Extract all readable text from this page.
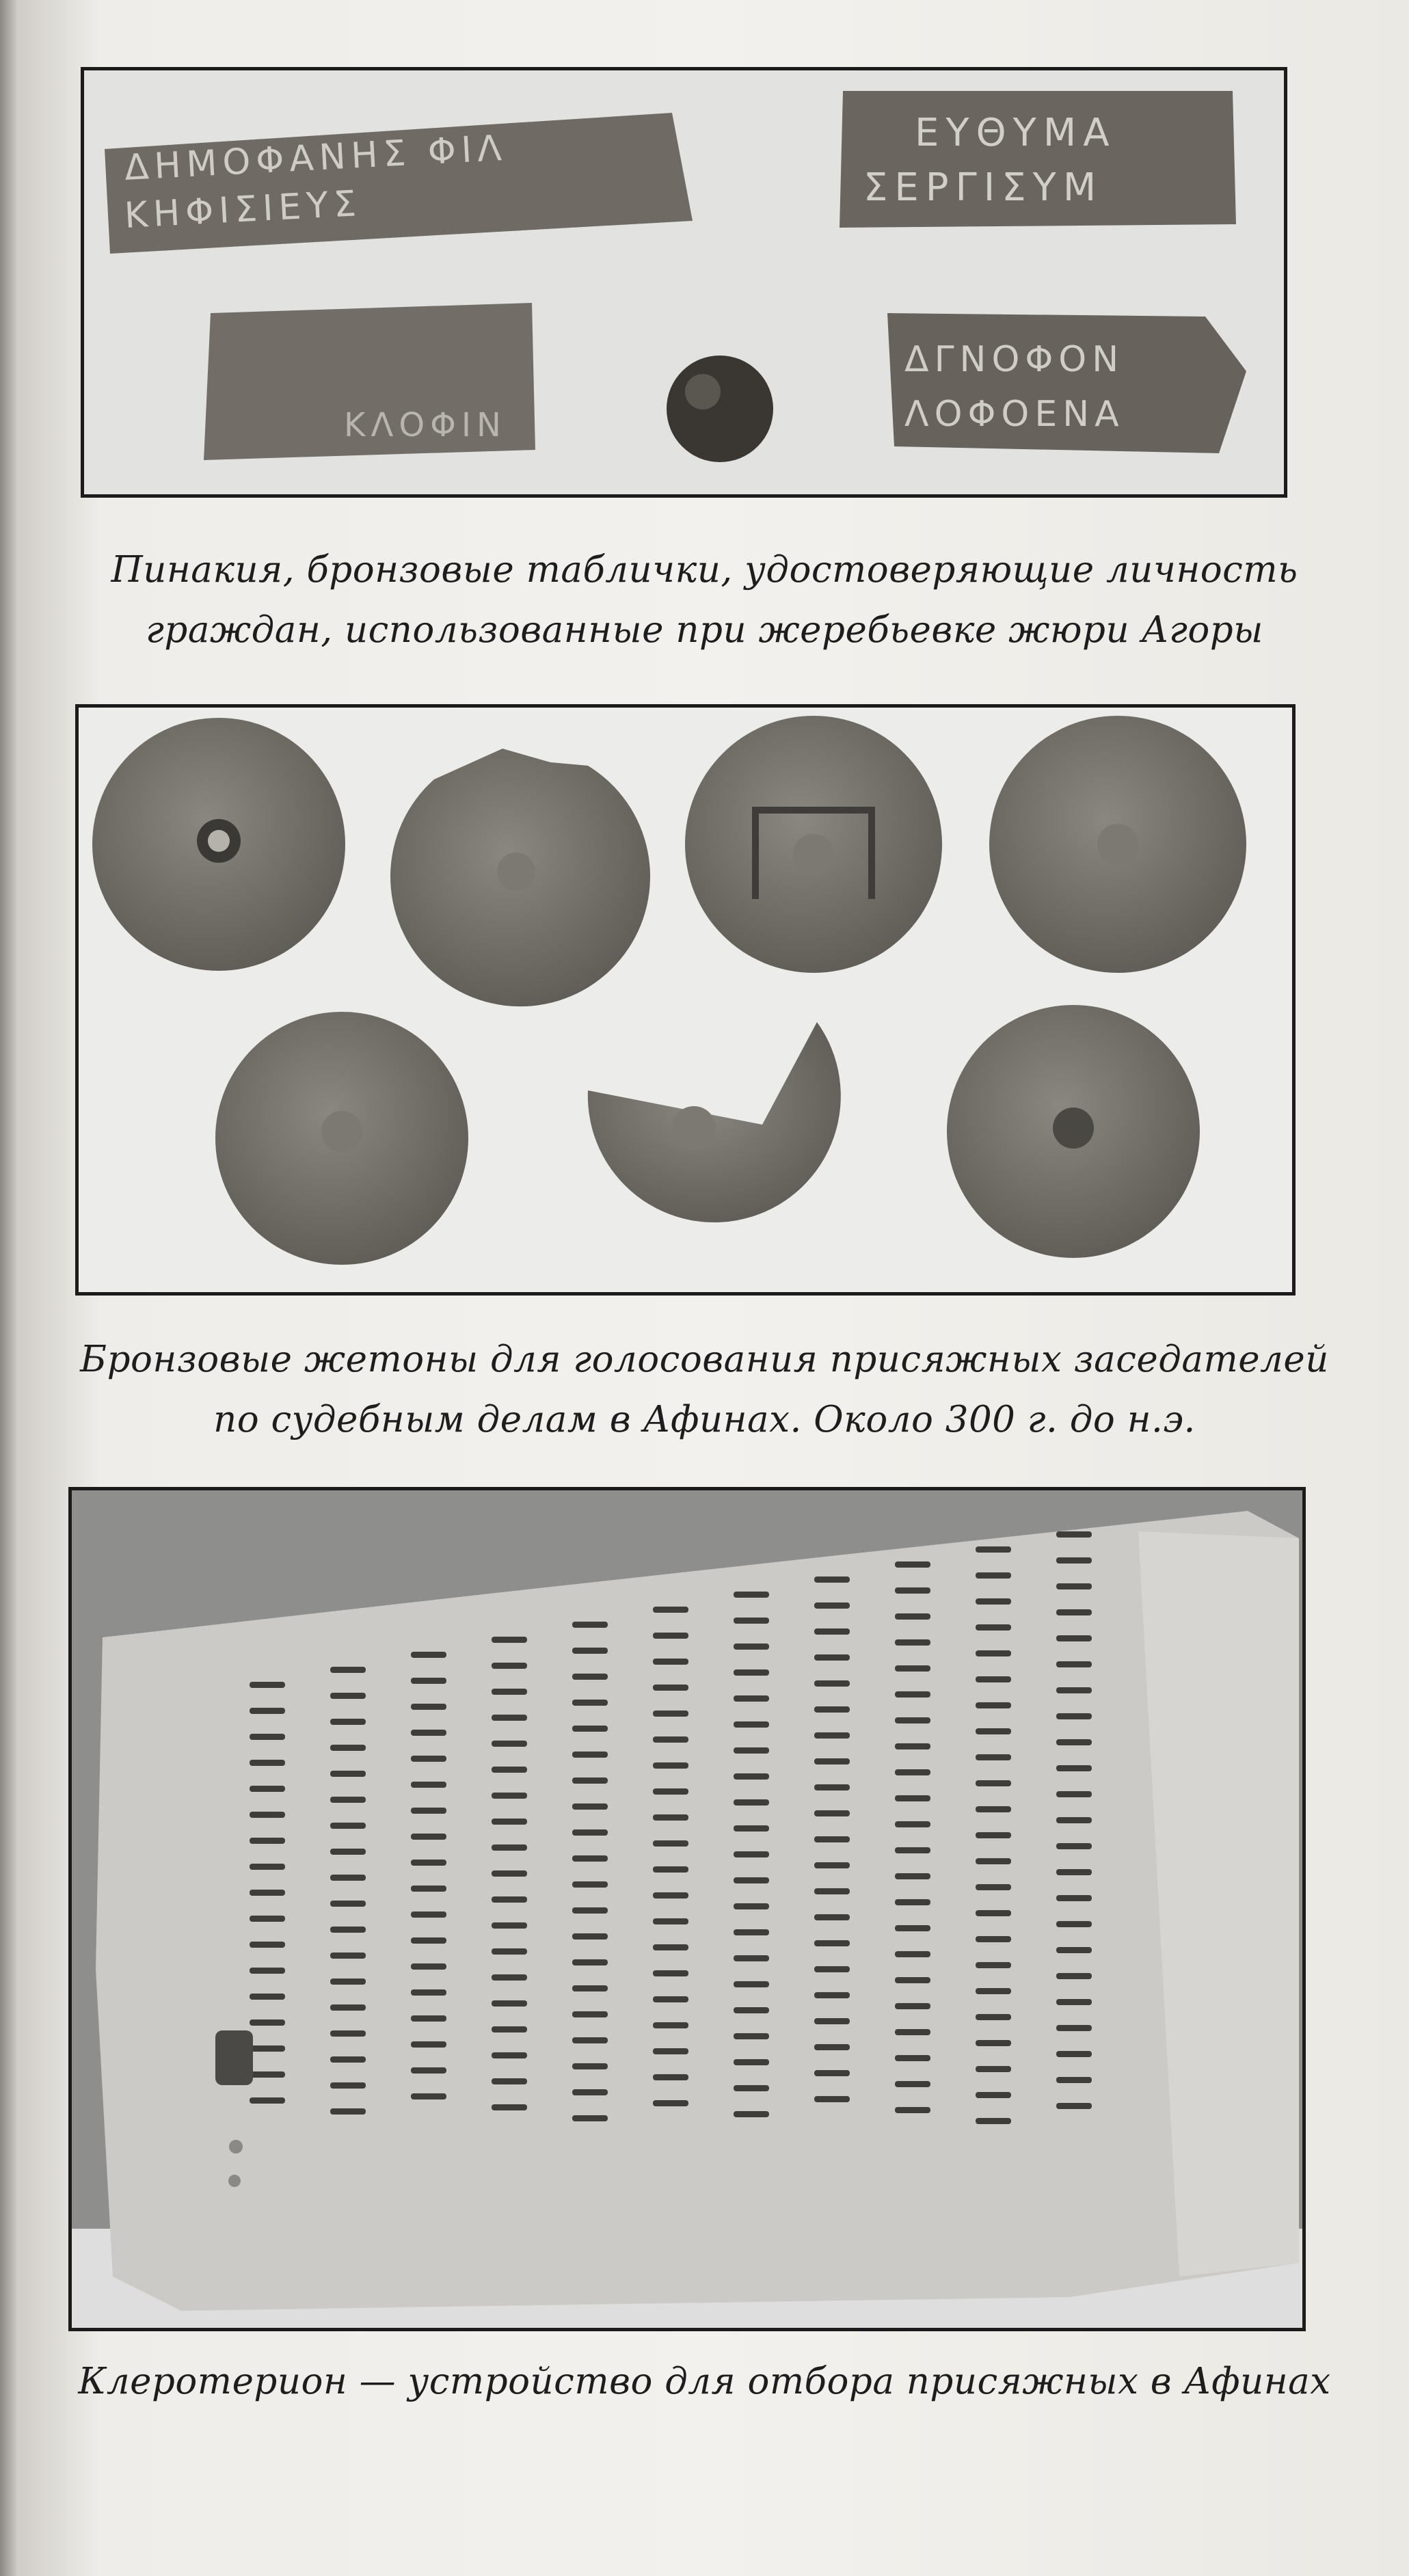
ΔΗΜΟΦΑΝΗΣ ΦΙΛ
ΚΗΦΙΣΙΕΥΣ
ΕΥΘΥΜΑ
ΣΕΡΓΙΣΥΜ
ΚΛΟΦΙΝ
ΔΓΝΟΦΟΝ
ΛΟΦΟΕΝΑ
Пинакия, бронзовые таблички, удостоверяющие личность
граждан, использованные при жеребьевке жюри Агоры
Бронзовые жетоны для голосования присяжных заседателей
по судебным делам в Афинах. Около 300 г. до н.э.
Клеротерион — устройство для отбора присяжных в Афинах
